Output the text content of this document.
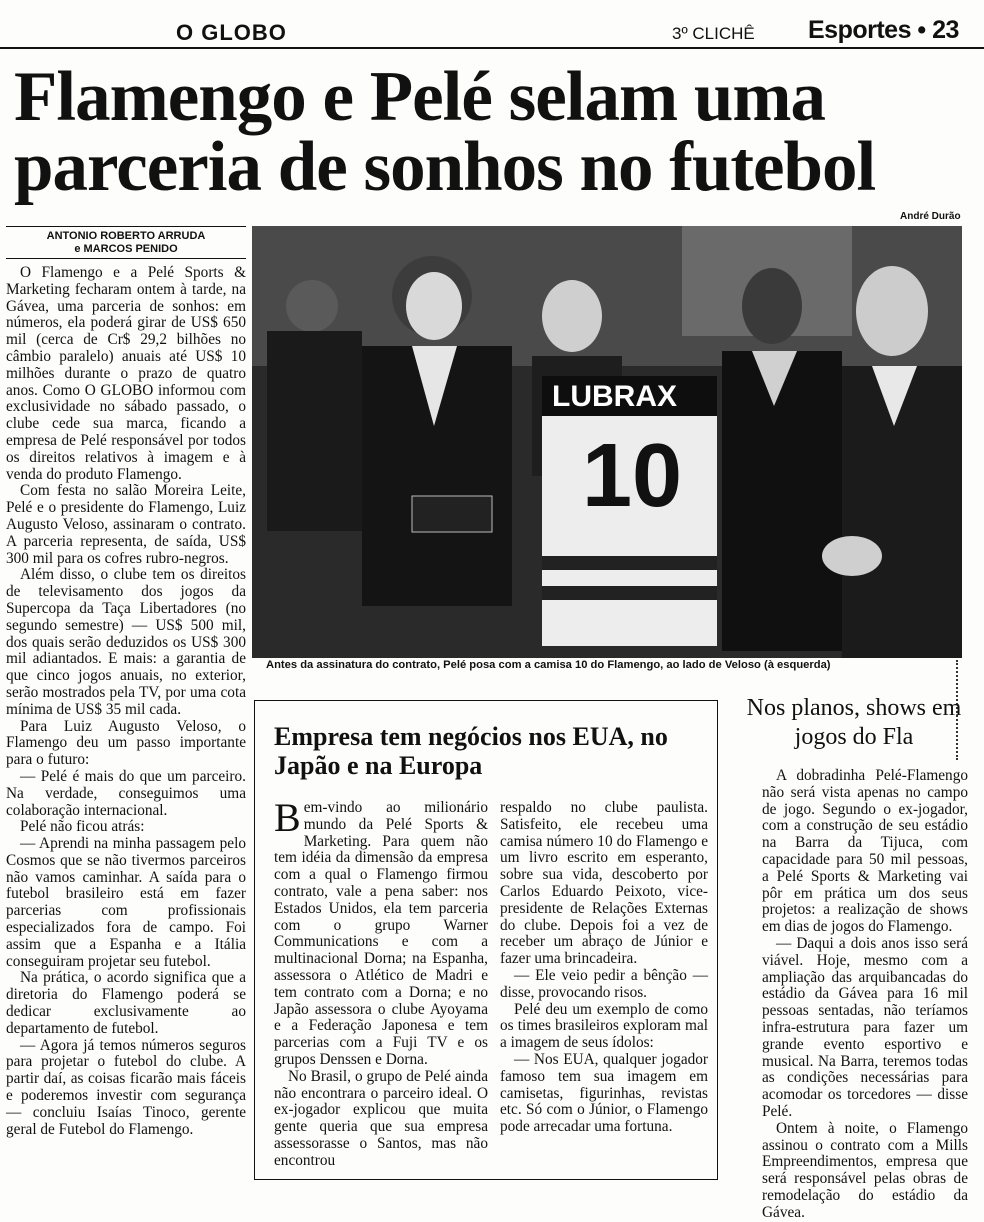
O GLOBO	3º CLICHÊ Esportes • 23
Flamengo e Pelé selam uma parceria de sonhos no futebol
André Durão
ANTONIO ROBERTO ARRUDA
e MARCOS PENIDO

O Flamengo e a Pelé Sports & Marketing fecharam ontem à tarde, na Gávea, uma parceria de sonhos: em números, ela poderá girar de US$ 650 mil (cerca de Cr$ 29,2 bilhões no câmbio paralelo) anuais até US$ 10 milhões durante o prazo de quatro anos. Como O GLOBO informou com exclusividade no sábado passado, o clube cede sua marca, ficando a empresa de Pelé responsável por todos os direitos relativos à imagem e à venda do produto Flamengo.

Com festa no salão Moreira Leite, Pelé e o presidente do Flamengo, Luiz Augusto Veloso, assinaram o contrato. A parceria representa, de saída, US$ 300 mil para os cofres rubro-negros.

Além disso, o clube tem os direitos de televisamento dos jogos da Supercopa da Taça Libertadores (no segundo semestre) — US$ 500 mil, dos quais serão deduzidos os US$ 300 mil adiantados. E mais: a garantia de que cinco jogos anuais, no exterior, serão mostrados pela TV, por uma cota mínima de US$ 35 mil cada.

Para Luiz Augusto Veloso, o Flamengo deu um passo importante para o futuro:

— Pelé é mais do que um parceiro. Na verdade, conseguimos uma colaboração internacional.

Pelé não ficou atrás:

— Aprendi na minha passagem pelo Cosmos que se não tivermos parceiros não vamos caminhar. A saída para o futebol brasileiro está em fazer parcerias com profissionais especializados fora de campo. Foi assim que a Espanha e a Itália conseguiram projetar seu futebol.

Na prática, o acordo significa que a diretoria do Flamengo poderá se dedicar exclusivamente ao departamento de futebol.

— Agora já temos números seguros para projetar o futebol do clube. A partir daí, as coisas ficarão mais fáceis e poderemos investir com segurança — concluiu Isaías Tinoco, gerente geral de Futebol do Flamengo.

LUBRAX
10
Antes da assinatura do contrato, Pelé posa com a camisa 10 do Flamengo, ao lado de Veloso (à esquerda)
Empresa tem negócios nos EUA, no Japão e na Europa

Bem-vindo ao milionário mundo da Pelé Sports & Marketing. Para quem não tem idéia da dimensão da empresa com a qual o Flamengo firmou contrato, vale a pena saber: nos Estados Unidos, ela tem parceria com o grupo Warner Communications e com a multinacional Dorna; na Espanha, assessora o Atlético de Madri e tem contrato com a Dorna; e no Japão assessora o clube Ayoyama e a Federação Japonesa e tem parcerias com a Fuji TV e os grupos Denssen e Dorna.

No Brasil, o grupo de Pelé ainda não encontrara o parceiro ideal. O ex-jogador explicou que muita gente queria que sua empresa assessorasse o Santos, mas não encontrou

respaldo no clube paulista. Satisfeito, ele recebeu uma camisa número 10 do Flamengo e um livro escrito em esperanto, sobre sua vida, descoberto por Carlos Eduardo Peixoto, vice-presidente de Relações Externas do clube. Depois foi a vez de receber um abraço de Júnior e fazer uma brincadeira.

— Ele veio pedir a bênção — disse, provocando risos.

Pelé deu um exemplo de como os times brasileiros exploram mal a imagem de seus ídolos:

— Nos EUA, qualquer jogador famoso tem sua imagem em camisetas, figurinhas, revistas etc. Só com o Júnior, o Flamengo pode arrecadar uma fortuna.

Nos planos, shows em jogos do Fla

A dobradinha Pelé-Flamengo não será vista apenas no campo de jogo. Segundo o ex-jogador, com a construção de seu estádio na Barra da Tijuca, com capacidade para 50 mil pessoas, a Pelé Sports & Marketing vai pôr em prática um dos seus projetos: a realização de shows em dias de jogos do Flamengo.

— Daqui a dois anos isso será viável. Hoje, mesmo com a ampliação das arquibancadas do estádio da Gávea para 16 mil pessoas sentadas, não teríamos infra-estrutura para fazer um grande evento esportivo e musical. Na Barra, teremos todas as condições necessárias para acomodar os torcedores — disse Pelé.

Ontem à noite, o Flamengo assinou o contrato com a Mills Empreendimentos, empresa que será responsável pelas obras de remodelação do estádio da Gávea.
